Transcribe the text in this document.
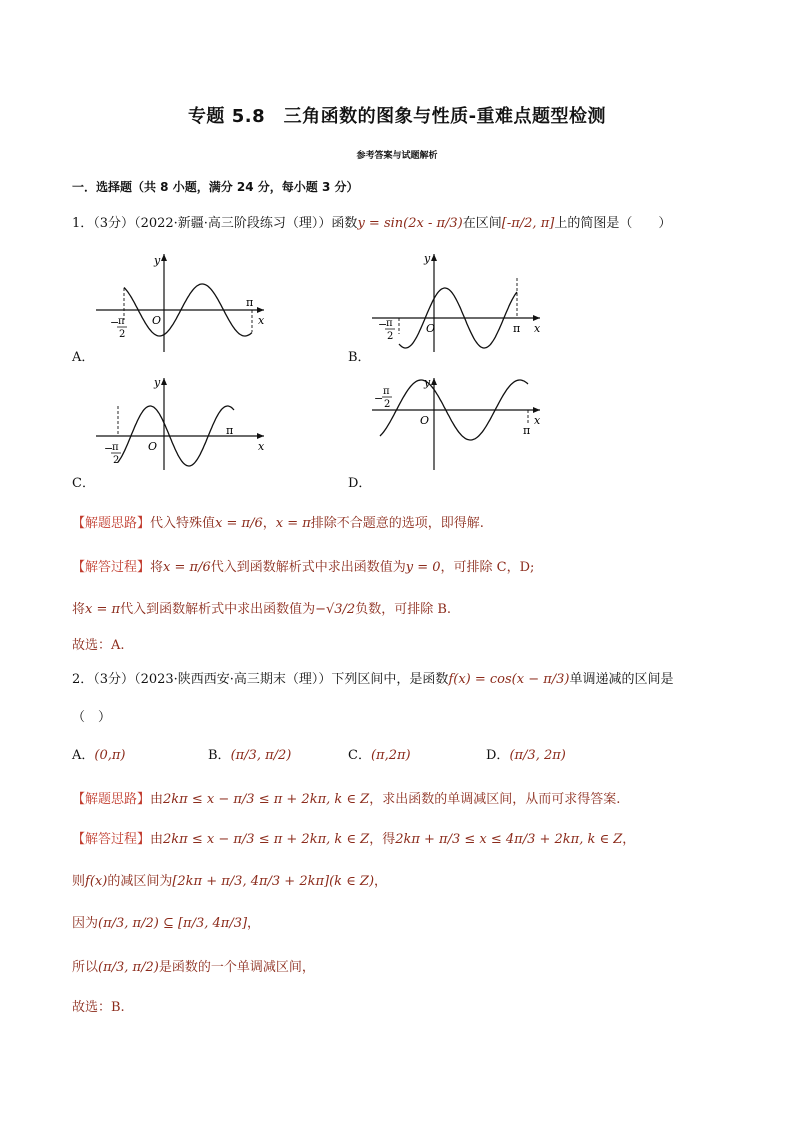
专题 5.8　三角函数的图象与性质-重难点题型检测
参考答案与试题解析
一．选择题（共 8 小题，满分 24 分，每小题 3 分）
1．（3分）（2022·新疆·高三阶段练习（理））函数y = sin(2x - π/3)在区间[-π/2, π]上的简图是（　　）
y
x
O
π
−
π
2
A．
y
x
O	π
−
π
2
B．
y
x
O
π
−
π
2
C．
y
x
O
π
−
π
2
D．
【解题思路】代入特殊值x = π/6，x = π排除不合题意的选项，即得解.
【解答过程】将x = π/6代入到函数解析式中求出函数值为y = 0，可排除 C，D;
将x = π代入到函数解析式中求出函数值为−√3/2负数，可排除 B.
故选：A.
2．（3分）（2023·陕西西安·高三期末（理））下列区间中，是函数f(x) = cos(x − π/3)单调递减的区间是
（　）
A．(0,π)	B．(π/3, π/2)	C．(π,2π)	D．(π/3, 2π)
【解题思路】由2kπ ≤ x − π/3 ≤ π + 2kπ, k ∈ Z，求出函数的单调减区间，从而可求得答案.
【解答过程】由2kπ ≤ x − π/3 ≤ π + 2kπ, k ∈ Z，得2kπ + π/3 ≤ x ≤ 4π/3 + 2kπ, k ∈ Z，
则f(x)的减区间为[2kπ + π/3, 4π/3 + 2kπ](k ∈ Z)，
因为(π/3, π/2) ⊆ [π/3, 4π/3]，
所以(π/3, π/2)是函数的一个单调减区间，
故选：B.
